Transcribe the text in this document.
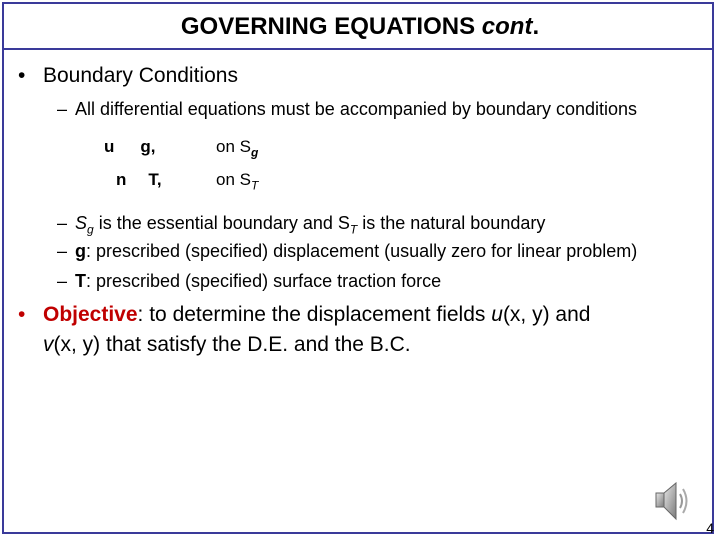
GOVERNING EQUATIONS cont.
• Boundary Conditions
– All differential equations must be accompanied by boundary conditions
u g,	on $S_g$
n T,	on $S_T$
– $S_g$ is the essential boundary and $S_T$ is the natural boundary
– g: prescribed (specified) displacement (usually zero for linear problem)
– T: prescribed (specified) surface traction force
• Objective: to determine the displacement fields u(x, y) and
v(x, y) that satisfy the D.E. and the B.C.
4
